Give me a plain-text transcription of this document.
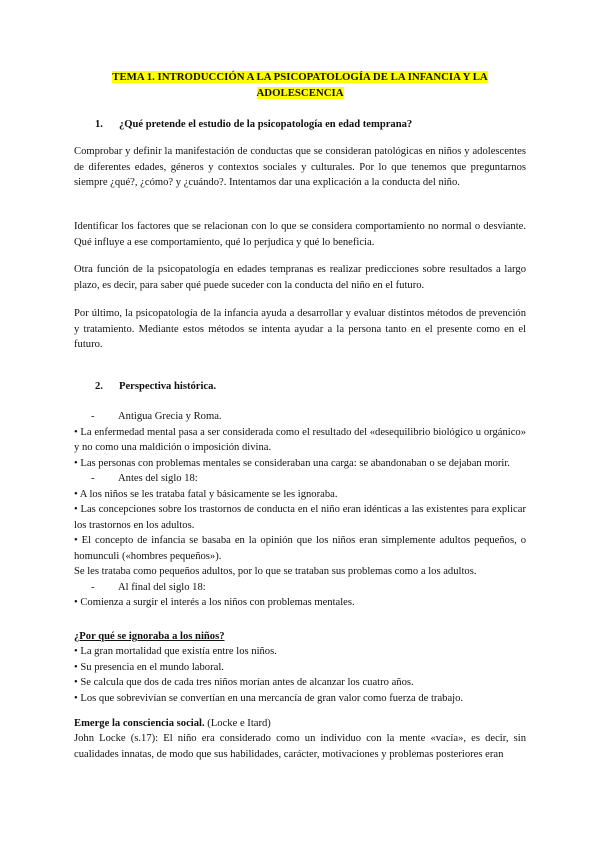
TEMA 1. INTRODUCCIÓN A LA PSICOPATOLOGÍA DE LA INFANCIA Y LA ADOLESCENCIA
1. ¿Qué pretende el estudio de la psicopatología en edad temprana?

Comprobar y definir la manifestación de conductas que se consideran patológicas en niños y adolescentes de diferentes edades, géneros y contextos sociales y culturales. Por lo que tenemos que preguntarnos siempre ¿qué?, ¿cómo? y ¿cuándo?. Intentamos dar una explicación a la conducta del niño.

Identificar los factores que se relacionan con lo que se considera comportamiento no normal o desviante. Qué influye a ese comportamiento, qué lo perjudica y qué lo beneficia.

Otra función de la psicopatología en edades tempranas es realizar predicciones sobre resultados a largo plazo, es decir, para saber qué puede suceder con la conducta del niño en el futuro.

Por último, la psicopatología de la infancia ayuda a desarrollar y evaluar distintos métodos de prevención y tratamiento. Mediante estos métodos se intenta ayudar a la persona tanto en el presente como en el futuro.

2. Perspectiva histórica.
- Antigua Grecia y Roma.
• La enfermedad mental pasa a ser considerada como el resultado del «desequilibrio biológico u orgánico» y no como una maldición o imposición divina.
• Las personas con problemas mentales se consideraban una carga: se abandonaban o se dejaban morir.
- Antes del siglo 18:
• A los niños se les trataba fatal y básicamente se les ignoraba.
• Las concepciones sobre los trastornos de conducta en el niño eran idénticas a las existentes para explicar los trastornos en los adultos.
• El concepto de infancia se basaba en la opinión que los niños eran simplemente adultos pequeños, o homunculi («hombres pequeños»).
Se les trataba como pequeños adultos, por lo que se trataban sus problemas como a los adultos.
- Al final del siglo 18:
• Comienza a surgir el interés a los niños con problemas mentales.
¿Por qué se ignoraba a los niños?
• La gran mortalidad que existía entre los niños.
• Su presencia en el mundo laboral.
• Se calcula que dos de cada tres niños morían antes de alcanzar los cuatro años.
• Los que sobrevivían se convertían en una mercancía de gran valor como fuerza de trabajo.
Emerge la consciencia social. (Locke e Itard)

John Locke (s.17): El niño era considerado como un individuo con la mente «vacía», es decir, sin cualidades innatas, de modo que sus habilidades, carácter, motivaciones y problemas posteriores eran
